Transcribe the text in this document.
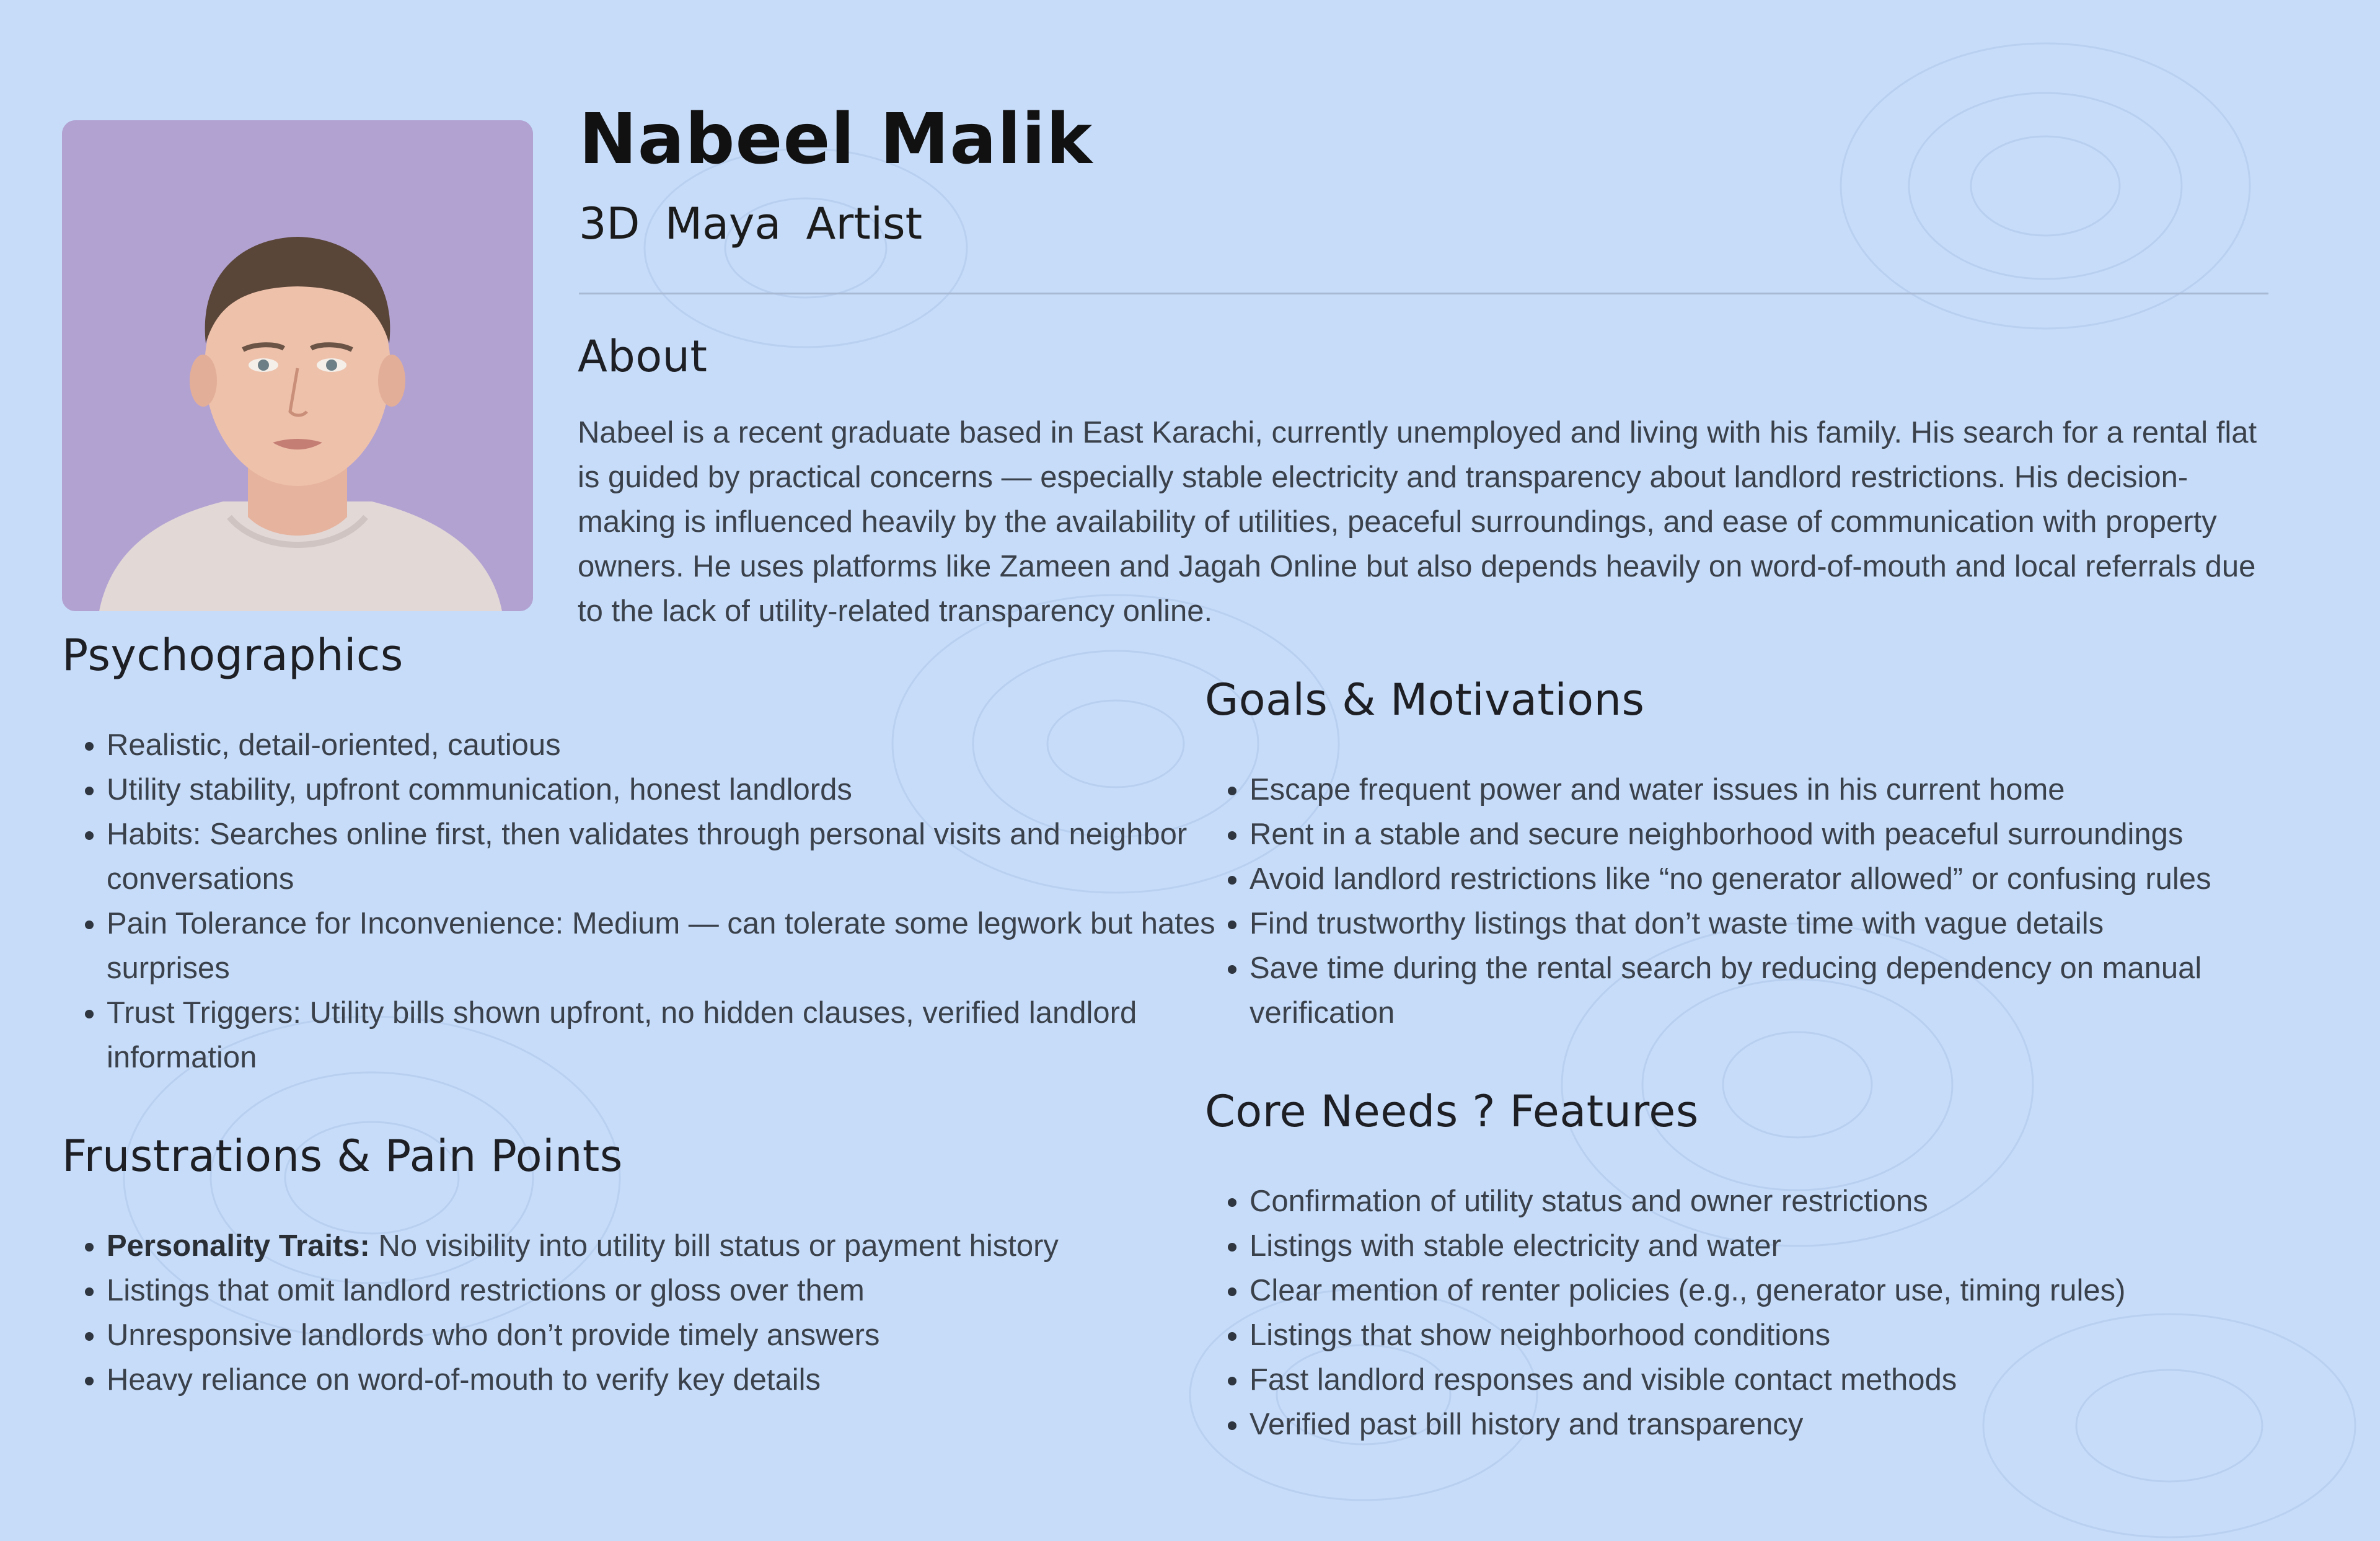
Nabeel Malik

3D Maya Artist

About

Nabeel is a recent graduate based in East Karachi, currently unemployed and living with his family. His search for a rental flat is guided by practical concerns — especially stable electricity and transparency about landlord restrictions. His decision-making is influenced heavily by the availability of utilities, peaceful surroundings, and ease of communication with property owners. He uses platforms like Zameen and Jagah Online but also depends heavily on word-of-mouth and local referrals due to the lack of utility-related transparency online.

Psychographics
• Realistic, detail-oriented, cautious
• Utility stability, upfront communication, honest landlords
• Habits: Searches online first, then validates through personal visits and neighbor conversations
• Pain Tolerance for Inconvenience: Medium — can tolerate some legwork but hates surprises
• Trust Triggers: Utility bills shown upfront, no hidden clauses, verified landlord information
Frustrations & Pain Points
• Personality Traits: No visibility into utility bill status or payment history
• Listings that omit landlord restrictions or gloss over them
• Unresponsive landlords who don’t provide timely answers
• Heavy reliance on word-of-mouth to verify key details
Goals & Motivations
• Escape frequent power and water issues in his current home
• Rent in a stable and secure neighborhood with peaceful surroundings
• Avoid landlord restrictions like “no generator allowed” or confusing rules
• Find trustworthy listings that don’t waste time with vague details
• Save time during the rental search by reducing dependency on manual verification
Core Needs ? Features
• Confirmation of utility status and owner restrictions
• Listings with stable electricity and water
• Clear mention of renter policies (e.g., generator use, timing rules)
• Listings that show neighborhood conditions
• Fast landlord responses and visible contact methods
• Verified past bill history and transparency
